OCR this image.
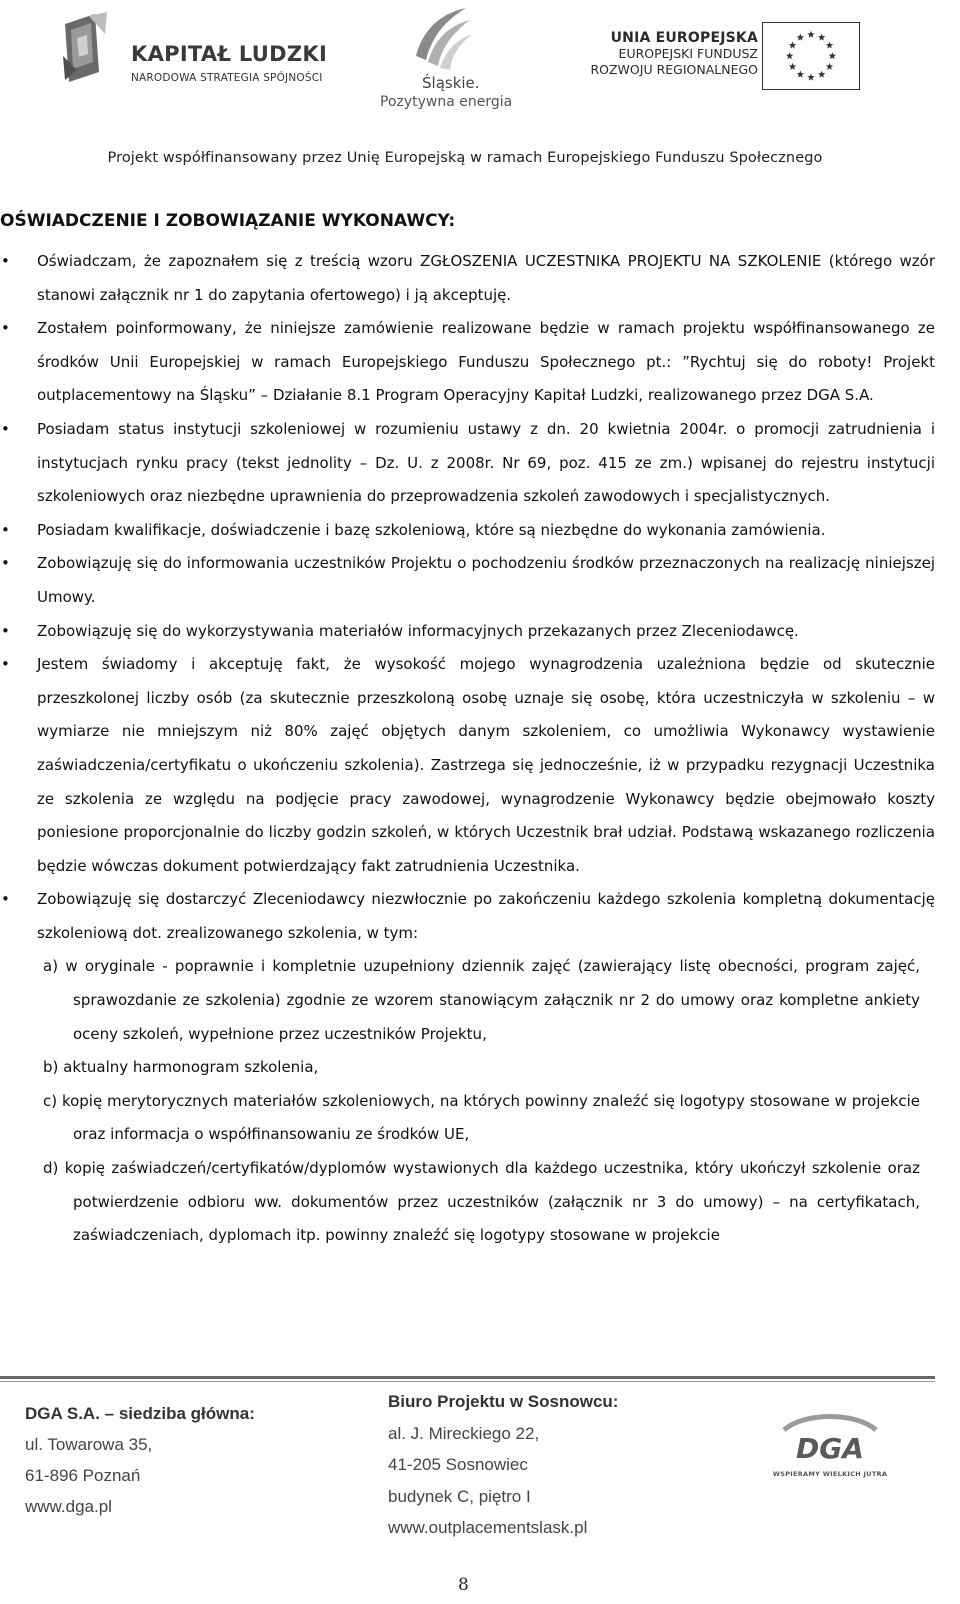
KAPITAŁ LUDZKI
NARODOWA STRATEGIA SPÓJNOŚCI	Śląskie.
Pozytywna energia
UNIA EUROPEJSKA
EUROPEJSKI FUNDUSZ
ROZWOJU REGIONALNEGO
Projekt współfinansowany przez Unię Europejską w ramach Europejskiego Funduszu Społecznego
OŚWIADCZENIE I ZOBOWIĄZANIE WYKONAWCY:
• Oświadczam, że zapoznałem się z treścią wzoru ZGŁOSZENIA UCZESTNIKA PROJEKTU NA SZKOLENIE (którego wzór stanowi załącznik nr 1 do zapytania ofertowego) i ją akceptuję.
• Zostałem poinformowany, że niniejsze zamówienie realizowane będzie w ramach projektu współfinansowanego ze środków Unii Europejskiej w ramach Europejskiego Funduszu Społecznego pt.: ”Rychtuj się do roboty! Projekt outplacementowy na Śląsku” – Działanie 8.1 Program Operacyjny Kapitał Ludzki, realizowanego przez DGA S.A.
• Posiadam status instytucji szkoleniowej w rozumieniu ustawy z dn. 20 kwietnia 2004r. o promocji zatrudnienia i instytucjach rynku pracy (tekst jednolity – Dz. U. z 2008r. Nr 69, poz. 415 ze zm.) wpisanej do rejestru instytucji szkoleniowych oraz niezbędne uprawnienia do przeprowadzenia szkoleń zawodowych i specjalistycznych.
• Posiadam kwalifikacje, doświadczenie i bazę szkoleniową, które są niezbędne do wykonania zamówienia.
• Zobowiązuję się do informowania uczestników Projektu o pochodzeniu środków przeznaczonych na realizację niniejszej Umowy.
• Zobowiązuję się do wykorzystywania materiałów informacyjnych przekazanych przez Zleceniodawcę.
• Jestem świadomy i akceptuję fakt, że wysokość mojego wynagrodzenia uzależniona będzie od skutecznie przeszkolonej liczby osób (za skutecznie przeszkoloną osobę uznaje się osobę, która uczestniczyła w szkoleniu – w wymiarze nie mniejszym niż 80% zajęć objętych danym szkoleniem, co umożliwia Wykonawcy wystawienie zaświadczenia/certyfikatu o ukończeniu szkolenia). Zastrzega się jednocześnie, iż w przypadku rezygnacji Uczestnika ze szkolenia ze względu na podjęcie pracy zawodowej, wynagrodzenie Wykonawcy będzie obejmowało koszty poniesione proporcjonalnie do liczby godzin szkoleń, w których Uczestnik brał udział. Podstawą wskazanego rozliczenia będzie wówczas dokument potwierdzający fakt zatrudnienia Uczestnika.
• Zobowiązuję się dostarczyć Zleceniodawcy niezwłocznie po zakończeniu każdego szkolenia kompletną dokumentację szkoleniową dot. zrealizowanego szkolenia, w tym:
a) w oryginale - poprawnie i kompletnie uzupełniony dziennik zajęć (zawierający listę obecności, program zajęć, sprawozdanie ze szkolenia) zgodnie ze wzorem stanowiącym załącznik nr 2 do umowy oraz kompletne ankiety oceny szkoleń, wypełnione przez uczestników Projektu,
b) aktualny harmonogram szkolenia,
c) kopię merytorycznych materiałów szkoleniowych, na których powinny znaleźć się logotypy stosowane w projekcie oraz informacja o współfinansowaniu ze środków UE,
d) kopię zaświadczeń/certyfikatów/dyplomów wystawionych dla każdego uczestnika, który ukończył szkolenie oraz potwierdzenie odbioru ww. dokumentów przez uczestników (załącznik nr 3 do umowy) – na certyfikatach, zaświadczeniach, dyplomach itp. powinny znaleźć się logotypy stosowane w projekcie
DGA S.A. – siedziba główna:
ul. Towarowa 35,
61-896 Poznań
www.dga.pl
Biuro Projektu w Sosnowcu:
al. J. Mireckiego 22,
41-205 Sosnowiec
budynek C, piętro I
www.outplacementslask.pl
DGA
WSPIERAMY WIELKICH JUTRA
8
